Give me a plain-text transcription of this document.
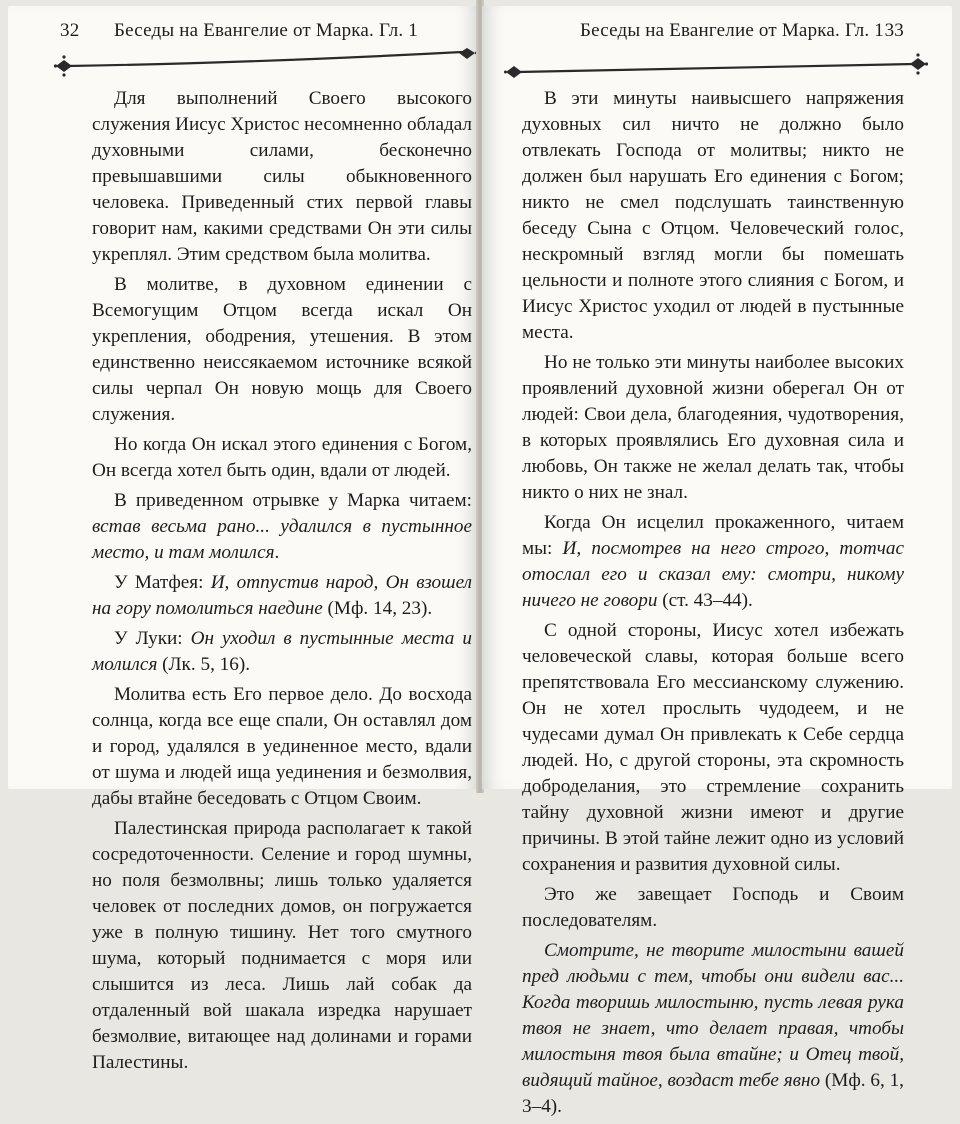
32 Беседы на Евангелие от Марка. Гл. 1

Для выполнений Своего высокого служения Иисус Христос несомненно обладал духовными силами, бесконечно превышавшими силы обыкновенного человека. Приведенный стих первой главы говорит нам, какими средствами Он эти силы укреплял. Этим средством была молитва.

В молитве, в духовном единении с Всемогущим Отцом всегда искал Он укрепления, ободрения, утешения. В этом единственно неиссякаемом источнике всякой силы черпал Он новую мощь для Своего служения.

Но когда Он искал этого единения с Богом, Он всегда хотел быть один, вдали от людей.

В приведенном отрывке у Марка читаем: встав весьма рано... удалился в пустынное место, и там молился.

У Матфея: И, отпустив народ, Он взошел на гору помолиться наедине (Мф. 14, 23).

У Луки: Он уходил в пустынные места и молился (Лк. 5, 16).

Молитва есть Его первое дело. До восхода солнца, когда все еще спали, Он оставлял дом и город, удалялся в уединенное место, вдали от шума и людей ища уединения и безмолвия, дабы втайне беседовать с Отцом Своим.

Палестинская природа располагает к такой сосредоточенности. Селение и город шумны, но поля безмолвны; лишь только удаляется человек от последних домов, он погружается уже в полную тишину. Нет того смутного шума, который поднимается с моря или слышится из леса. Лишь лай собак да отдаленный вой шакала изредка нарушает безмолвие, витающее над долинами и горами Палестины.

Беседы на Евангелие от Марка. Гл. 1 33

В эти минуты наивысшего напряжения духовных сил ничто не должно было отвлекать Господа от молитвы; никто не должен был нарушать Его единения с Богом; никто не смел подслушать таинственную беседу Сына с Отцом. Человеческий голос, нескромный взгляд могли бы помешать цельности и полноте этого слияния с Богом, и Иисус Христос уходил от людей в пустынные места.

Но не только эти минуты наиболее высоких проявлений духовной жизни оберегал Он от людей: Свои дела, благодеяния, чудотворения, в которых проявлялись Его духовная сила и любовь, Он также не желал делать так, чтобы никто о них не знал.

Когда Он исцелил прокаженного, читаем мы: И, посмотрев на него строго, тотчас отослал его и сказал ему: смотри, никому ничего не говори (ст. 43–44).

С одной стороны, Иисус хотел избежать человеческой славы, которая больше всего препятствовала Его мессианскому служению. Он не хотел прослыть чудодеем, и не чудесами думал Он привлекать к Себе сердца людей. Но, с другой стороны, эта скромность доброделания, это стремление сохранить тайну духовной жизни имеют и другие причины. В этой тайне лежит одно из условий сохранения и развития духовной силы.

Это же завещает Господь и Своим последователям.

Смотрите, не творите милостыни вашей пред людьми с тем, чтобы они видели вас... Когда творишь милостыню, пусть левая рука твоя не знает, что делает правая, чтобы милостыня твоя была втайне; и Отец твой, видящий тайное, воздаст тебе явно (Мф. 6, 1, 3–4).
